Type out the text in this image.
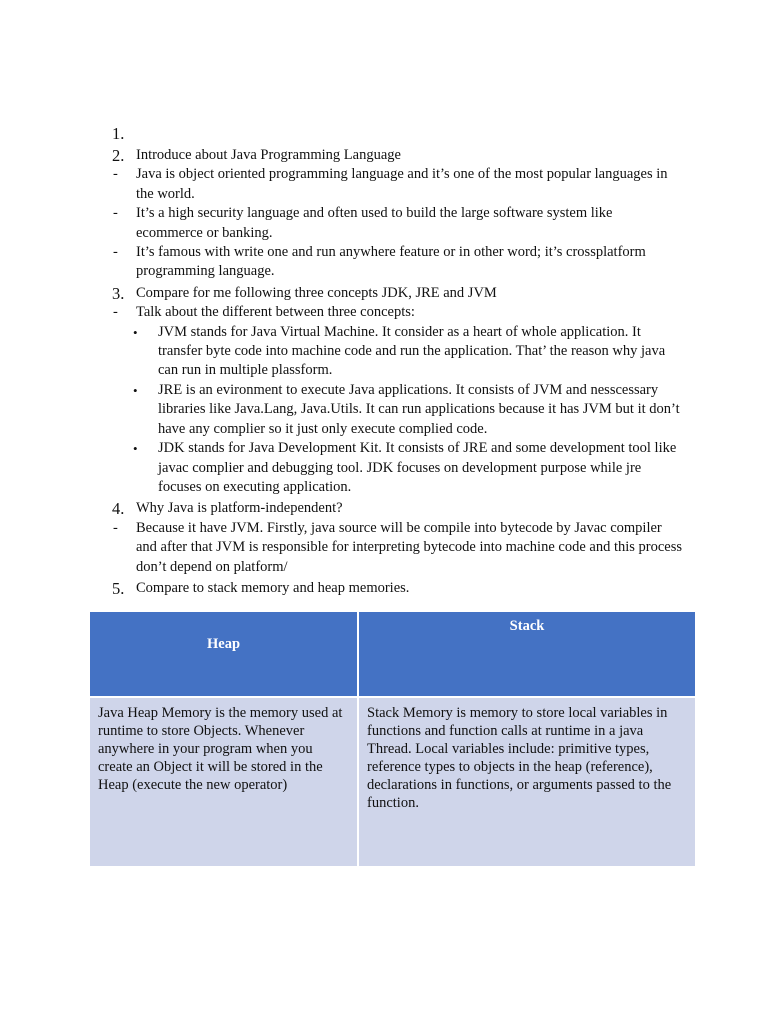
1.
2. Introduce about Java Programming Language
- Java is object oriented programming language and it’s one of the most popular languages in the world.
- It’s a high security language and often used to build the large software system like ecommerce or banking.
- It’s famous with write one and run anywhere feature or in other word; it’s crossplatform programming language.
3. Compare for me following three concepts JDK, JRE and JVM
- Talk about the different between three concepts:
• JVM stands for Java Virtual Machine. It consider as a heart of whole application. It transfer byte code into machine code and run the application. That’ the reason why java can run in multiple plassform.
• JRE is an evironment to execute Java applications. It consists of JVM and nesscessary libraries like Java.Lang, Java.Utils. It can run applications because it has JVM but it don’t have any complier so it just only execute complied code.
• JDK stands for Java Development Kit. It consists of JRE and some development tool like javac complier and debugging tool. JDK focuses on development purpose while jre focuses on executing application.
4. Why Java is platform-independent?
- Because it have JVM. Firstly, java source will be compile into bytecode by Javac compiler and after that JVM is responsible for interpreting bytecode into machine code and this process don’t depend on platform/
5. Compare to stack memory and heap memories.
Heap
Stack
Java Heap Memory is the memory used at runtime to store Objects. Whenever anywhere in your program when you create an Object it will be stored in the Heap (execute the new operator)
Stack Memory is memory to store local variables in functions and function calls at runtime in a java Thread. Local variables include: primitive types, reference types to objects in the heap (reference), declarations in functions, or arguments passed to the function.
